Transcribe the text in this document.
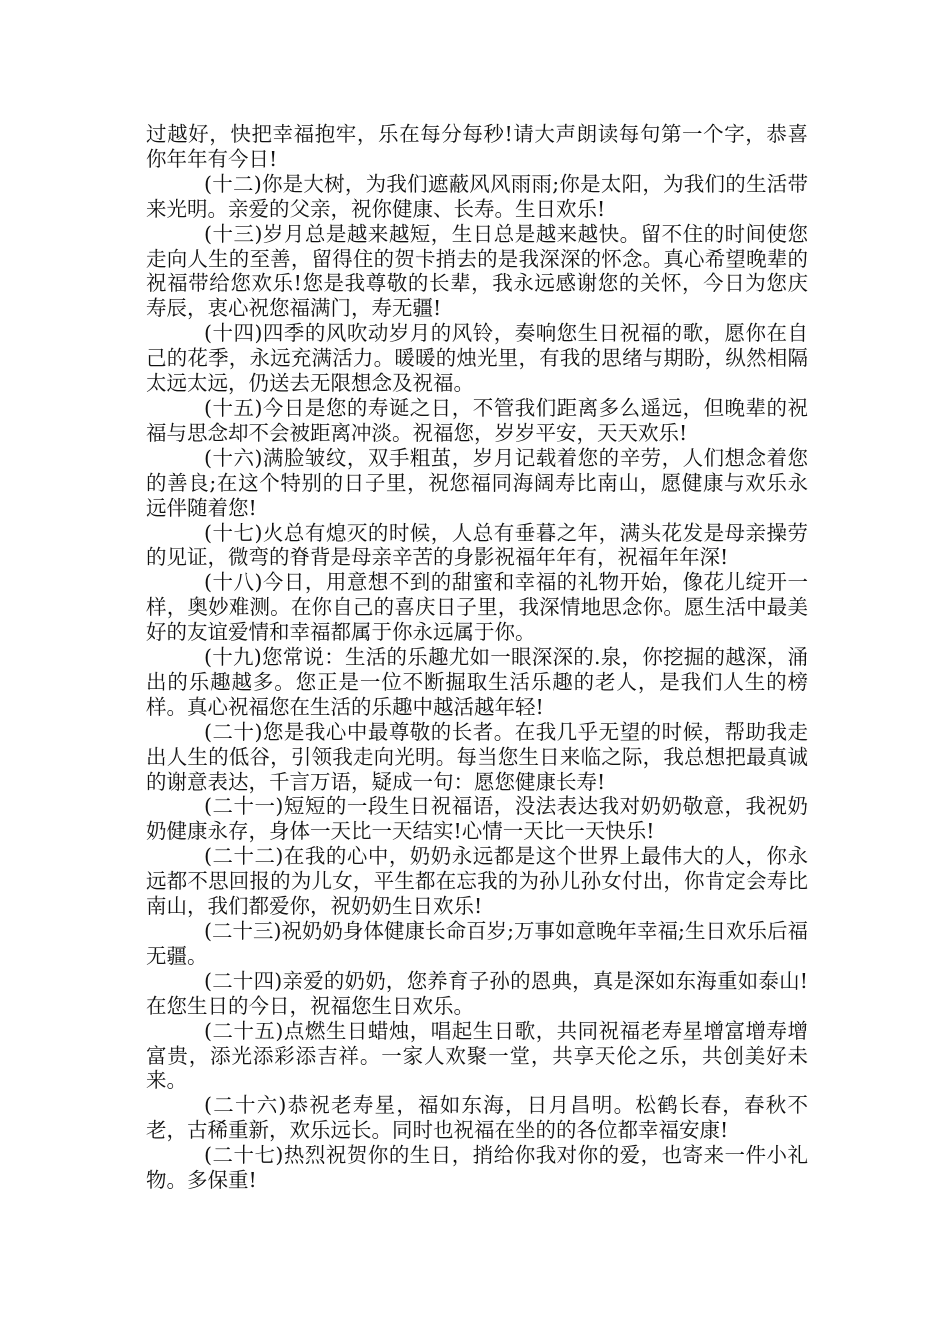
过越好，快把幸福抱牢，乐在每分每秒!请大声朗读每句第一个字，恭喜你年年有今日!

(十二)你是大树，为我们遮蔽风风雨雨;你是太阳，为我们的生活带来光明。亲爱的父亲，祝你健康、长寿。生日欢乐!

(十三)岁月总是越来越短，生日总是越来越快。留不住的时间使您走向人生的至善，留得住的贺卡捎去的是我深深的怀念。真心希望晚辈的祝福带给您欢乐!您是我尊敬的长辈，我永远感谢您的关怀，今日为您庆寿辰，衷心祝您福满门，寿无疆!

(十四)四季的风吹动岁月的风铃，奏响您生日祝福的歌，愿你在自己的花季，永远充满活力。暖暖的烛光里，有我的思绪与期盼，纵然相隔太远太远，仍送去无限想念及祝福。

(十五)今日是您的寿诞之日，不管我们距离多么遥远，但晚辈的祝福与思念却不会被距离冲淡。祝福您，岁岁平安，天天欢乐!

(十六)满脸皱纹，双手粗茧，岁月记载着您的辛劳，人们想念着您的善良;在这个特别的日子里，祝您福同海阔寿比南山，愿健康与欢乐永远伴随着您!

(十七)火总有熄灭的时候，人总有垂暮之年，满头花发是母亲操劳的见证，微弯的脊背是母亲辛苦的身影祝福年年有，祝福年年深!

(十八)今日，用意想不到的甜蜜和幸福的礼物开始，像花儿绽开一样，奥妙难测。在你自己的喜庆日子里，我深情地思念你。愿生活中最美好的友谊爱情和幸福都属于你永远属于你。

(十九)您常说：生活的乐趣尤如一眼深深的.泉，你挖掘的越深，涌出的乐趣越多。您正是一位不断掘取生活乐趣的老人，是我们人生的榜样。真心祝福您在生活的乐趣中越活越年轻!

(二十)您是我心中最尊敬的长者。在我几乎无望的时候，帮助我走出人生的低谷，引领我走向光明。每当您生日来临之际，我总想把最真诚的谢意表达，千言万语，疑成一句：愿您健康长寿!

(二十一)短短的一段生日祝福语，没法表达我对奶奶敬意，我祝奶奶健康永存，身体一天比一天结实!心情一天比一天快乐!

(二十二)在我的心中，奶奶永远都是这个世界上最伟大的人，你永远都不思回报的为儿女，平生都在忘我的为孙儿孙女付出，你肯定会寿比南山，我们都爱你，祝奶奶生日欢乐!

(二十三)祝奶奶身体健康长命百岁;万事如意晚年幸福;生日欢乐后福无疆。

(二十四)亲爱的奶奶，您养育子孙的恩典，真是深如东海重如泰山!在您生日的今日，祝福您生日欢乐。

(二十五)点燃生日蜡烛，唱起生日歌，共同祝福老寿星增富增寿增富贵，添光添彩添吉祥。一家人欢聚一堂，共享天伦之乐，共创美好未来。

(二十六)恭祝老寿星，福如东海，日月昌明。松鹤长春，春秋不老，古稀重新，欢乐远长。同时也祝福在坐的的各位都幸福安康!

(二十七)热烈祝贺你的生日，捎给你我对你的爱，也寄来一件小礼物。多保重!
